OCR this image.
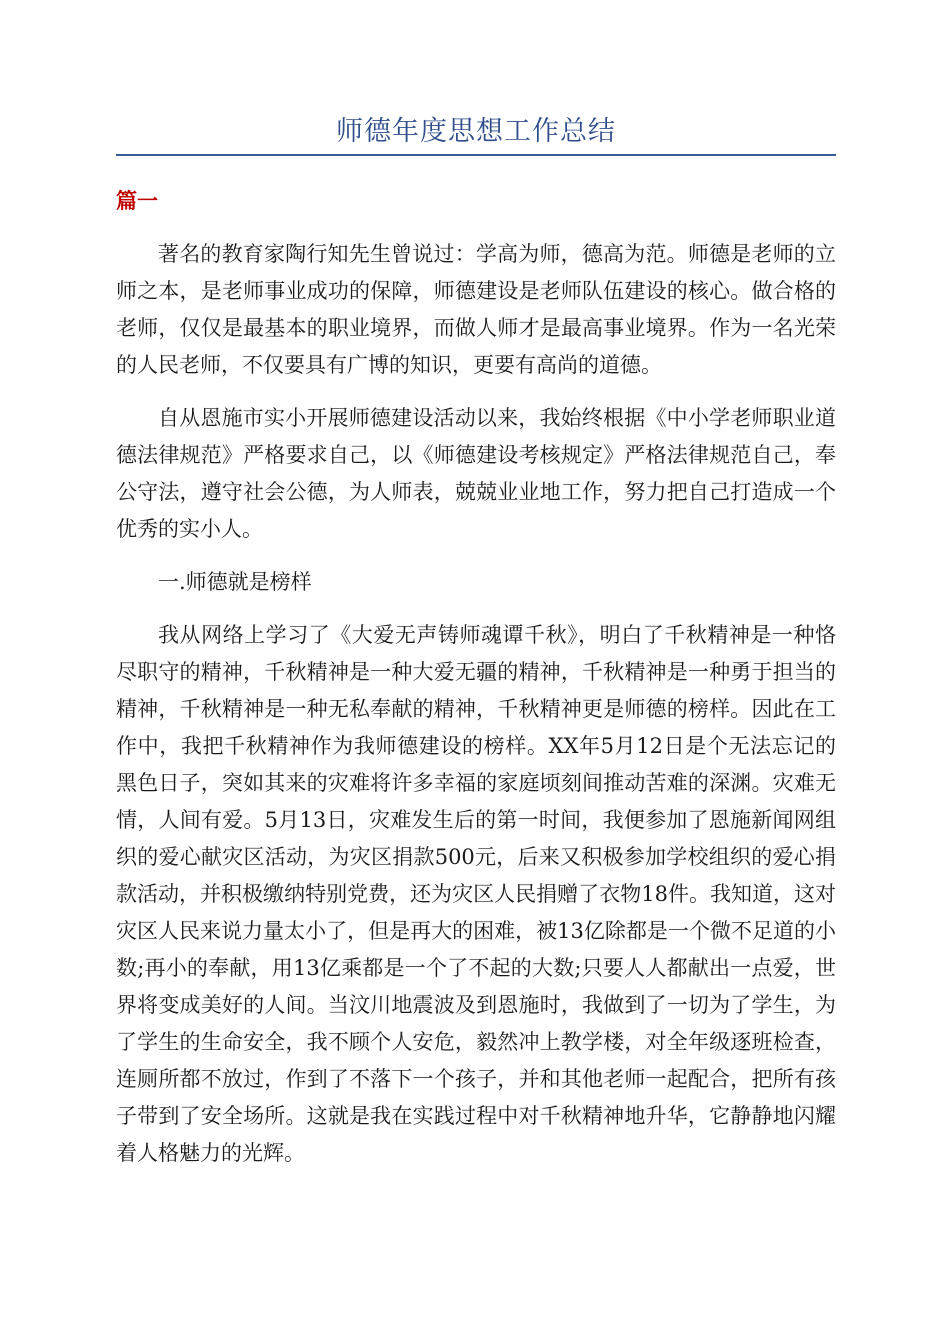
师德年度思想工作总结
篇一

著名的教育家陶行知先生曾说过：学高为师，德高为范。师德是老师的立师之本，是老师事业成功的保障，师德建设是老师队伍建设的核心。做合格的老师，仅仅是最基本的职业境界，而做人师才是最高事业境界。作为一名光荣的人民老师，不仅要具有广博的知识，更要有高尚的道德。

自从恩施市实小开展师德建设活动以来，我始终根据《中小学老师职业道德法律规范》严格要求自己，以《师德建设考核规定》严格法律规范自己，奉公守法，遵守社会公德，为人师表，兢兢业业地工作，努力把自己打造成一个优秀的实小人。

一.师德就是榜样

我从网络上学习了《大爱无声铸师魂谭千秋》，明白了千秋精神是一种恪尽职守的精神，千秋精神是一种大爱无疆的精神，千秋精神是一种勇于担当的精神，千秋精神是一种无私奉献的精神，千秋精神更是师德的榜样。因此在工作中，我把千秋精神作为我师德建设的榜样。XX年5月12日是个无法忘记的黑色日子，突如其来的灾难将许多幸福的家庭顷刻间推动苦难的深渊。灾难无情，人间有爱。5月13日，灾难发生后的第一时间，我便参加了恩施新闻网组织的爱心献灾区活动，为灾区捐款500元，后来又积极参加学校组织的爱心捐款活动，并积极缴纳特别党费，还为灾区人民捐赠了衣物18件。我知道，这对灾区人民来说力量太小了，但是再大的困难，被13亿除都是一个微不足道的小数;再小的奉献，用13亿乘都是一个了不起的大数;只要人人都献出一点爱，世界将变成美好的人间。当汶川地震波及到恩施时，我做到了一切为了学生，为了学生的生命安全，我不顾个人安危，毅然冲上教学楼，对全年级逐班检查，连厕所都不放过，作到了不落下一个孩子，并和其他老师一起配合，把所有孩子带到了安全场所。这就是我在实践过程中对千秋精神地升华，它静静地闪耀着人格魅力的光辉。
